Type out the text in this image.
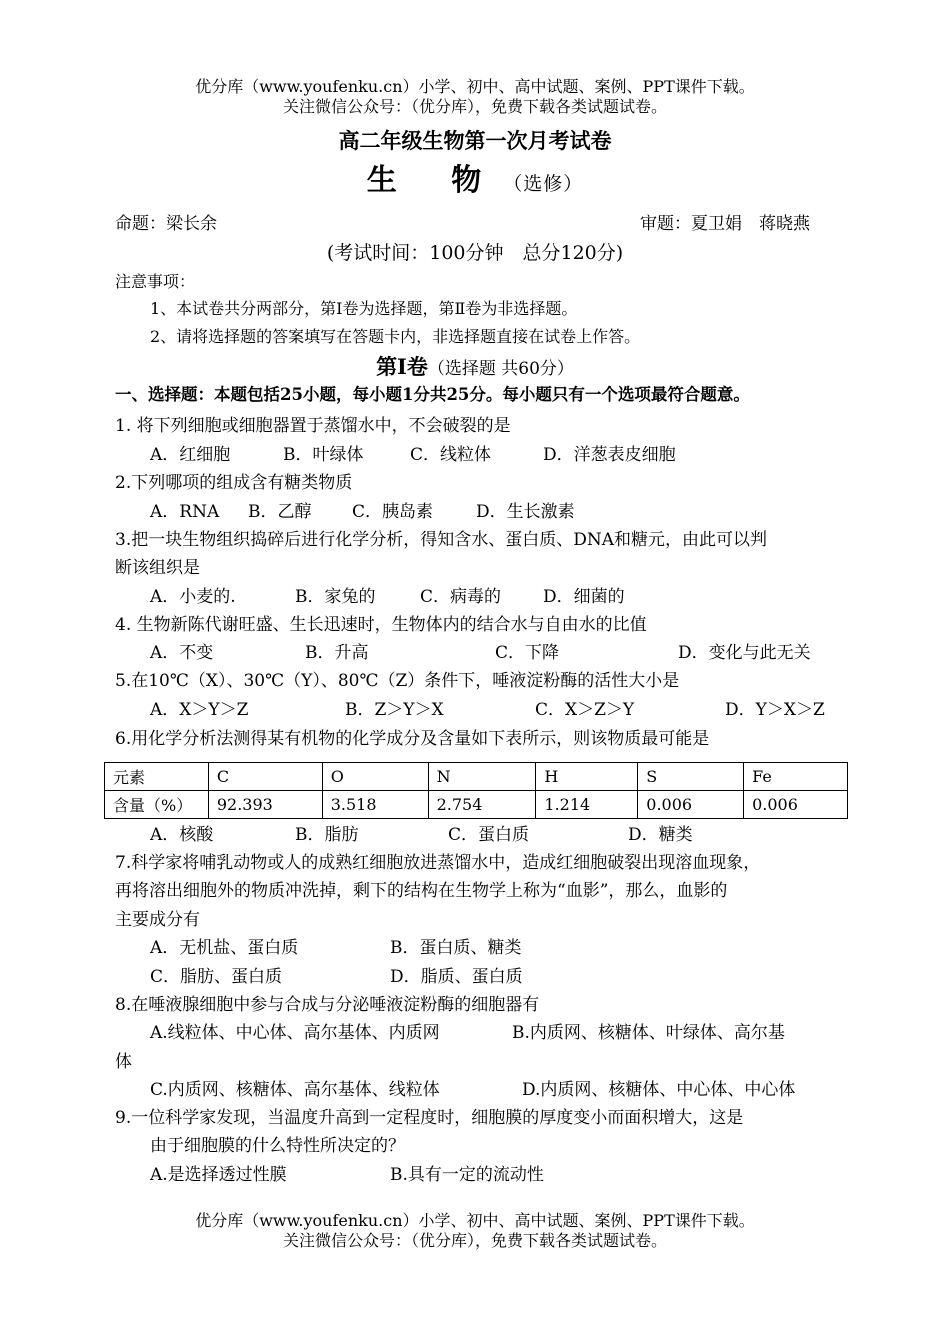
优分库（www.youfenku.cn）小学、初中、高中试题、案例、PPT课件下载。
关注微信公众号：（优分库），免费下载各类试题试卷。
高二年级生物第一次月考试卷
生 物（选修）
命题：梁长余	审题：夏卫娟　蒋晓燕
(考试时间：100分钟　总分120分)
注意事项：
1、本试卷共分两部分，第Ⅰ卷为选择题，第Ⅱ卷为非选择题。
2、请将选择题的答案填写在答题卡内，非选择题直接在试卷上作答。
第Ⅰ卷（选择题 共60分）
一、选择题：本题包括25小题，每小题1分共25分。每小题只有一个选项最符合题意。
1. 将下列细胞或细胞器置于蒸馏水中，不会破裂的是
A．红细胞	B．叶绿体	C．线粒体	D．洋葱表皮细胞
2.下列哪项的组成含有糖类物质
A．RNA B．乙醇 C．胰岛素	D．生长激素
3.把一块生物组织捣碎后进行化学分析，得知含水、蛋白质、DNA和糖元，由此可以判
断该组织是
A．小麦的.	B．家兔的	C．病毒的 D．细菌的
4. 生物新陈代谢旺盛、生长迅速时，生物体内的结合水与自由水的比值
A．不变	B．升高	C．下降	D．变化与此无关
5.在10℃（X）、30℃（Y）、80℃（Z）条件下，唾液淀粉酶的活性大小是
A．X＞Y＞Z	B．Z＞Y＞X	C．X＞Z＞Y	D．Y＞X＞Z
6.用化学分析法测得某有机物的化学成分及含量如下表所示，则该物质最可能是
元素	C	O	N	H	S	Fe
含量（%）	92.393	3.518	2.754	1.214	0.006	0.006
A．核酸	B．脂肪	C．蛋白质	D．糖类
7.科学家将哺乳动物或人的成熟红细胞放进蒸馏水中，造成红细胞破裂出现溶血现象，
再将溶出细胞外的物质冲洗掉，剩下的结构在生物学上称为“血影”，那么，血影的
主要成分有
A．无机盐、蛋白质	B．蛋白质、糖类
C．脂肪、蛋白质	D．脂质、蛋白质
8.在唾液腺细胞中参与合成与分泌唾液淀粉酶的细胞器有
A.线粒体、中心体、高尔基体、内质网	B.内质网、核糖体、叶绿体、高尔基
体
C.内质网、核糖体、高尔基体、线粒体	D.内质网、核糖体、中心体、中心体
9.一位科学家发现，当温度升高到一定程度时，细胞膜的厚度变小而面积增大，这是
由于细胞膜的什么特性所决定的？
A.是选择透过性膜	B.具有一定的流动性
优分库（www.youfenku.cn）小学、初中、高中试题、案例、PPT课件下载。
关注微信公众号：（优分库），免费下载各类试题试卷。
